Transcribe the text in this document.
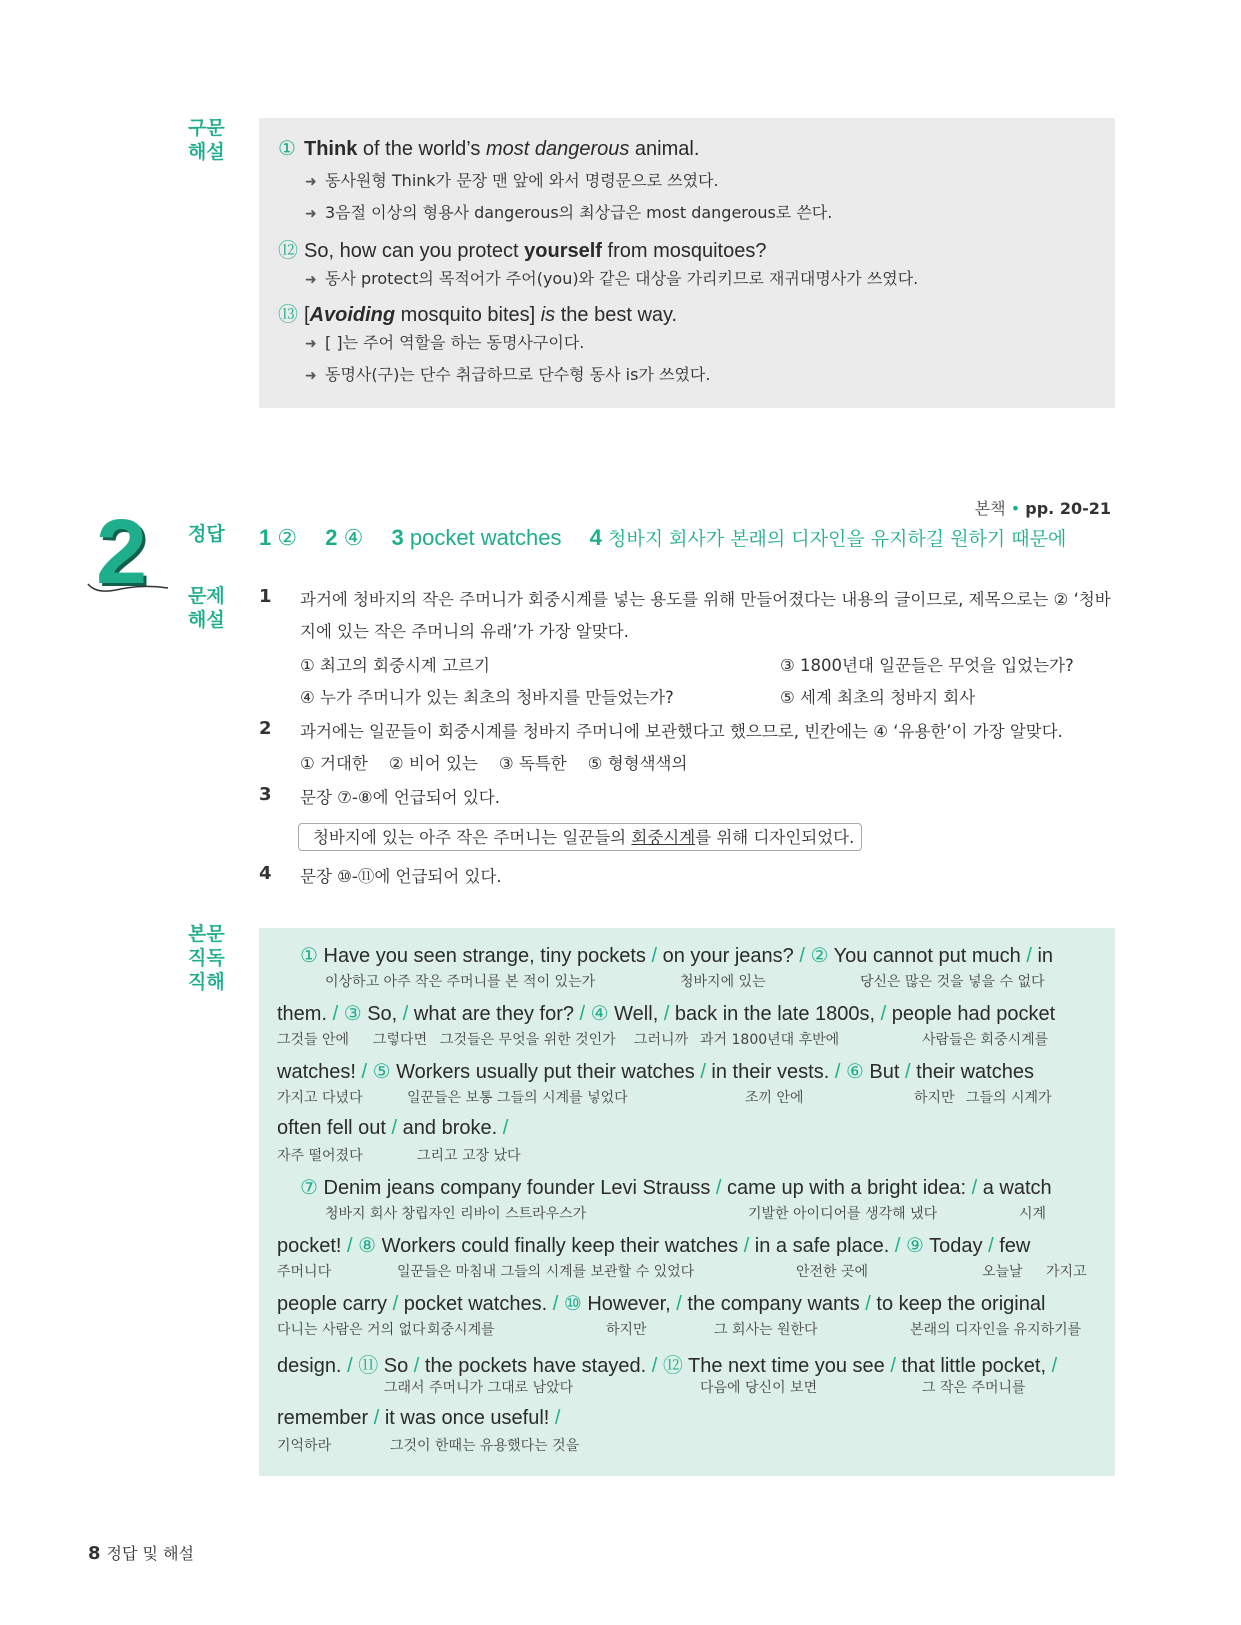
구문
해설	① Think of the world’s most dangerous animal.
➜ 동사원형 Think가 문장 맨 앞에 와서 명령문으로 쓰였다.
➜ 3음절 이상의 형용사 dangerous의 최상급은 most dangerous로 쓴다.
⑫ So, how can you protect yourself from mosquitoes?
➜ 동사 protect의 목적어가 주어(you)와 같은 대상을 가리키므로 재귀대명사가 쓰였다.
⑬ [Avoiding mosquito bites] is the best way.
➜ [ ]는 주어 역할을 하는 동명사구이다.
➜ 동명사(구)는 단수 취급하므로 단수형 동사 is가 쓰였다.
2	본책 • pp. 20-21
정답 1 ② 2 ④ 3 pocket watches 4 청바지 회사가 본래의 디자인을 유지하길 원하기 때문에
문제
해설
1 과거에 청바지의 작은 주머니가 회중시계를 넣는 용도를 위해 만들어졌다는 내용의 글이므로, 제목으로는 ② ‘청바
지에 있는 작은 주머니의 유래’가 가장 알맞다.
① 최고의 회중시계 고르기	③ 1800년대 일꾼들은 무엇을 입었는가?
④ 누가 주머니가 있는 최초의 청바지를 만들었는가?	⑤ 세계 최초의 청바지 회사
2 과거에는 일꾼들이 회중시계를 청바지 주머니에 보관했다고 했으므로, 빈칸에는 ④ ‘유용한’이 가장 알맞다.
① 거대한    ② 비어 있는    ③ 독특한    ⑤ 형형색색의
3 문장 ⑦-⑧에 언급되어 있다.
청바지에 있는 아주 작은 주머니는 일꾼들의 회중시계를 위해 디자인되었다.
4 문장 ⑩-⑪에 언급되어 있다.
본문
직독
직해
① Have you seen strange, tiny pockets / on your jeans? / ② You cannot put much / in
이상하고 아주 작은 주머니를 본 적이 있는가	청바지에 있는	당신은 많은 것을 넣을 수 없다
them. / ③ So, / what are they for? / ④ Well, / back in the late 1800s, / people had pocket
그것들 안에 그렇다면 그것들은 무엇을 위한 것인가 그러니까 과거 1800년대 후반에	사람들은 회중시계를
watches! / ⑤ Workers usually put their watches / in their vests. / ⑥ But / their watches
가지고 다녔다	일꾼들은 보통 그들의 시계를 넣었다	조끼 안에	하지만 그들의 시계가
often fell out / and broke. /
자주 떨어졌다	그리고 고장 났다
⑦ Denim jeans company founder Levi Strauss / came up with a bright idea: / a watch
청바지 회사 창립자인 리바이 스트라우스가	기발한 아이디어를 생각해 냈다	시계
pocket! / ⑧ Workers could finally keep their watches / in a safe place. / ⑨ Today / few
주머니다	일꾼들은 마침내 그들의 시계를 보관할 수 있었다	안전한 곳에	오늘날 가지고
people carry / pocket watches. / ⑩ However, / the company wants / to keep the original
다니는 사람은 거의 없다 회중시계를	하지만	그 회사는 원한다	본래의 디자인을 유지하기를
design. / ⑪ So / the pockets have stayed. / ⑫ The next time you see / that little pocket, /
그래서 주머니가 그대로 남았다	다음에 당신이 보면	그 작은 주머니를
remember / it was once useful! /
기억하라	그것이 한때는 유용했다는 것을
8 정답 및 해설
